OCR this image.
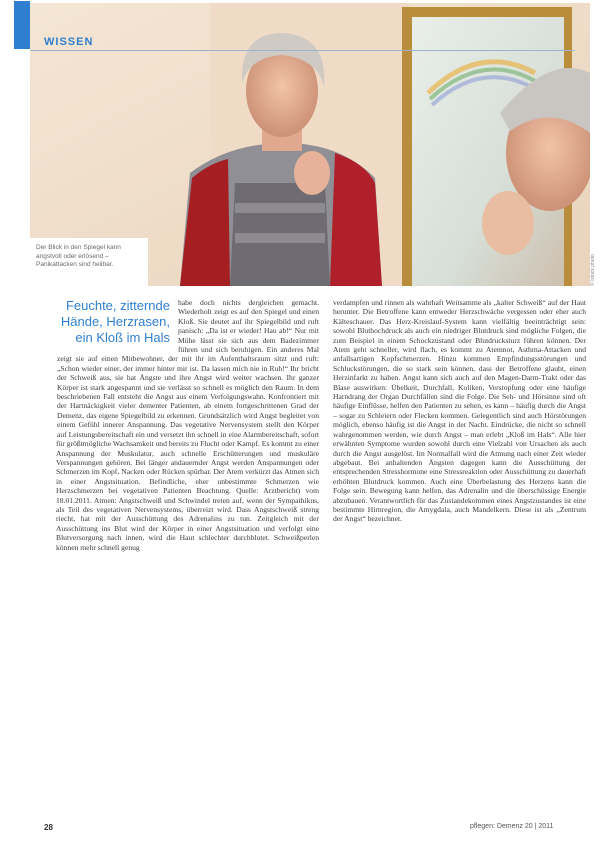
Der Blick in den Spiegel kann angstvoll oder erlösend – Panikattacken sind heilbar.	© istock.photo
WISSEN
Feuchte, zitternde Hände, Herzrasen, ein Kloß im Hals

habe doch nichts dergleichen gemacht. Wiederholt zeigt es auf den Spiegel und einen Kloß. Sie deutet auf ihr Spiegelbild und ruft panisch: „Da ist er wieder! Hau ab!“ Nur mit Mühe lässt sie sich aus dem Badezimmer führen und sich beruhigen. Ein anderes Mal zeigt sie auf einen Mitbewohner, der mit ihr im Aufenthaltsraum sitzt und ruft: „Schon wieder einer, der immer hinter mir ist. Da lassen mich nie in Ruh!“ Ihr bricht der Schweiß aus, sie hat Ängste und ihre Angst wird weiter wachsen. Ihr ganzer Körper ist stark angespannt und sie verlässt so schnell es möglich den Raum. In dem beschriebenen Fall entsteht die Angst aus einem Verfolgungswahn. Konfrontiert mit der Hartnäckigkeit vieler dementer Patienten, ab einem fortgeschrittenen Grad der Demenz, das eigene Spiegelbild zu erkennen. Grundsätzlich wird Angst begleitet von einem Gefühl innerer Anspannung. Das vegetative Nervensystem stellt den Körper auf Leistungsbereitschaft ein und versetzt ihn schnell in eine Alarmbereitschaft, sofort für größtmögliche Wachsamkeit und bereits zu Flucht oder Kampf. Es kommt zu einer Anspannung der Muskulatur, auch schnelle Erschütterungen und muskuläre Verspannungen gehören. Bei länger andauernder Angst werden Anspannungen oder Schmerzen im Kopf, Nacken oder Rücken spürbar. Der Atem verkürzt das Atmen sich in einer Angstsituation. Befindliche, eher unbestimmte Schmerzen wie Herzschmerzen bei vegetativen Patienten Beachtung. Quelle: Arztbericht) vom 18.01.2011. Atmen: Angstschweiß und Schwindel treten auf, wenn der Sympathikus, als Teil des vegetativen Nervensystems, überreizt wird. Dass Angstschweiß streng riecht, hat mit der Ausschüttung des Adrenalins zu tun. Zeitgleich mit der Ausschüttung ins Blut wird der Körper in einer Angstsituation und verfolgt eine Blutversorgung nach innen, wird die Haut schlechter durchblutet. Schweißperlen können mehr schnell genug

verdampfen und rinnen als wahrhaft Weitsamme als „kalter Schweiß“ auf der Haut herunter. Die Betroffene kann entweder Herzschwäche vergessen oder eher auch Kälteschauer. Das Herz-Kreislauf-System kann vielfältig beeinträchtigt sein: sowohl Bluthochdruck als auch ein niedriger Blutdruck sind mögliche Folgen, die zum Beispiel in einem Schockzustand oder Blutdrucksturz führen können. Der Atem geht schneller, wird flach, es kommt zu Atemnot, Asthma-Attacken und anfallsartigen Kopfschmerzen. Hinzu kommen Empfindungsstörungen und Schluckstörungen, die so stark sein können, dass der Betroffene glaubt, einen Herzinfarkt zu haben. Angst kann sich auch auf den Magen-Darm-Trakt oder das Blase auswirken: Übelkeit, Durchfall, Koliken, Verstopfung oder eine häufige Harndrang der Organ Durchfällen sind die Folge. Die Seh- und Hörsinne sind oft häufige Einflüsse, helfen den Patienten zu sehen, es kann – häufig durch die Angst – sogar zu Schleiern oder Flecken kommen. Gelegentlich sind auch Hörstörungen möglich, ebenso häufig ist die Angst in der Nacht. Eindrücke, die nicht so schnell wahrgenommen werden, wie durch Angst – man erlebt „Kloß im Hals“. Alle hier erwähnten Symptome wurden sowohl durch eine Vielzahl von Ursachen als auch durch die Angst ausgelöst. Im Normalfall wird die Atmung nach einer Zeit wieder abgebaut. Bei anhaltenden Ängsten dagegen kann die Ausschüttung der entsprechenden Stresshormone eine Stressreaktion oder Ausschüttung zu dauerhaft erhöhten Blutdruck kommen. Auch eine Überbelastung des Herzens kann die Folge sein. Bewegung kann helfen, das Adrenalin und die überschüssige Energie abzubauen. Verantwortlich für das Zustandekommen eines Angstzustandes ist eine bestimmte Hirnregion, die Amygdala, auch Mandelkern. Diese ist als „Zentrum der Angst“ bezeichnet.

28	pflegen: Demenz 20 | 2011
